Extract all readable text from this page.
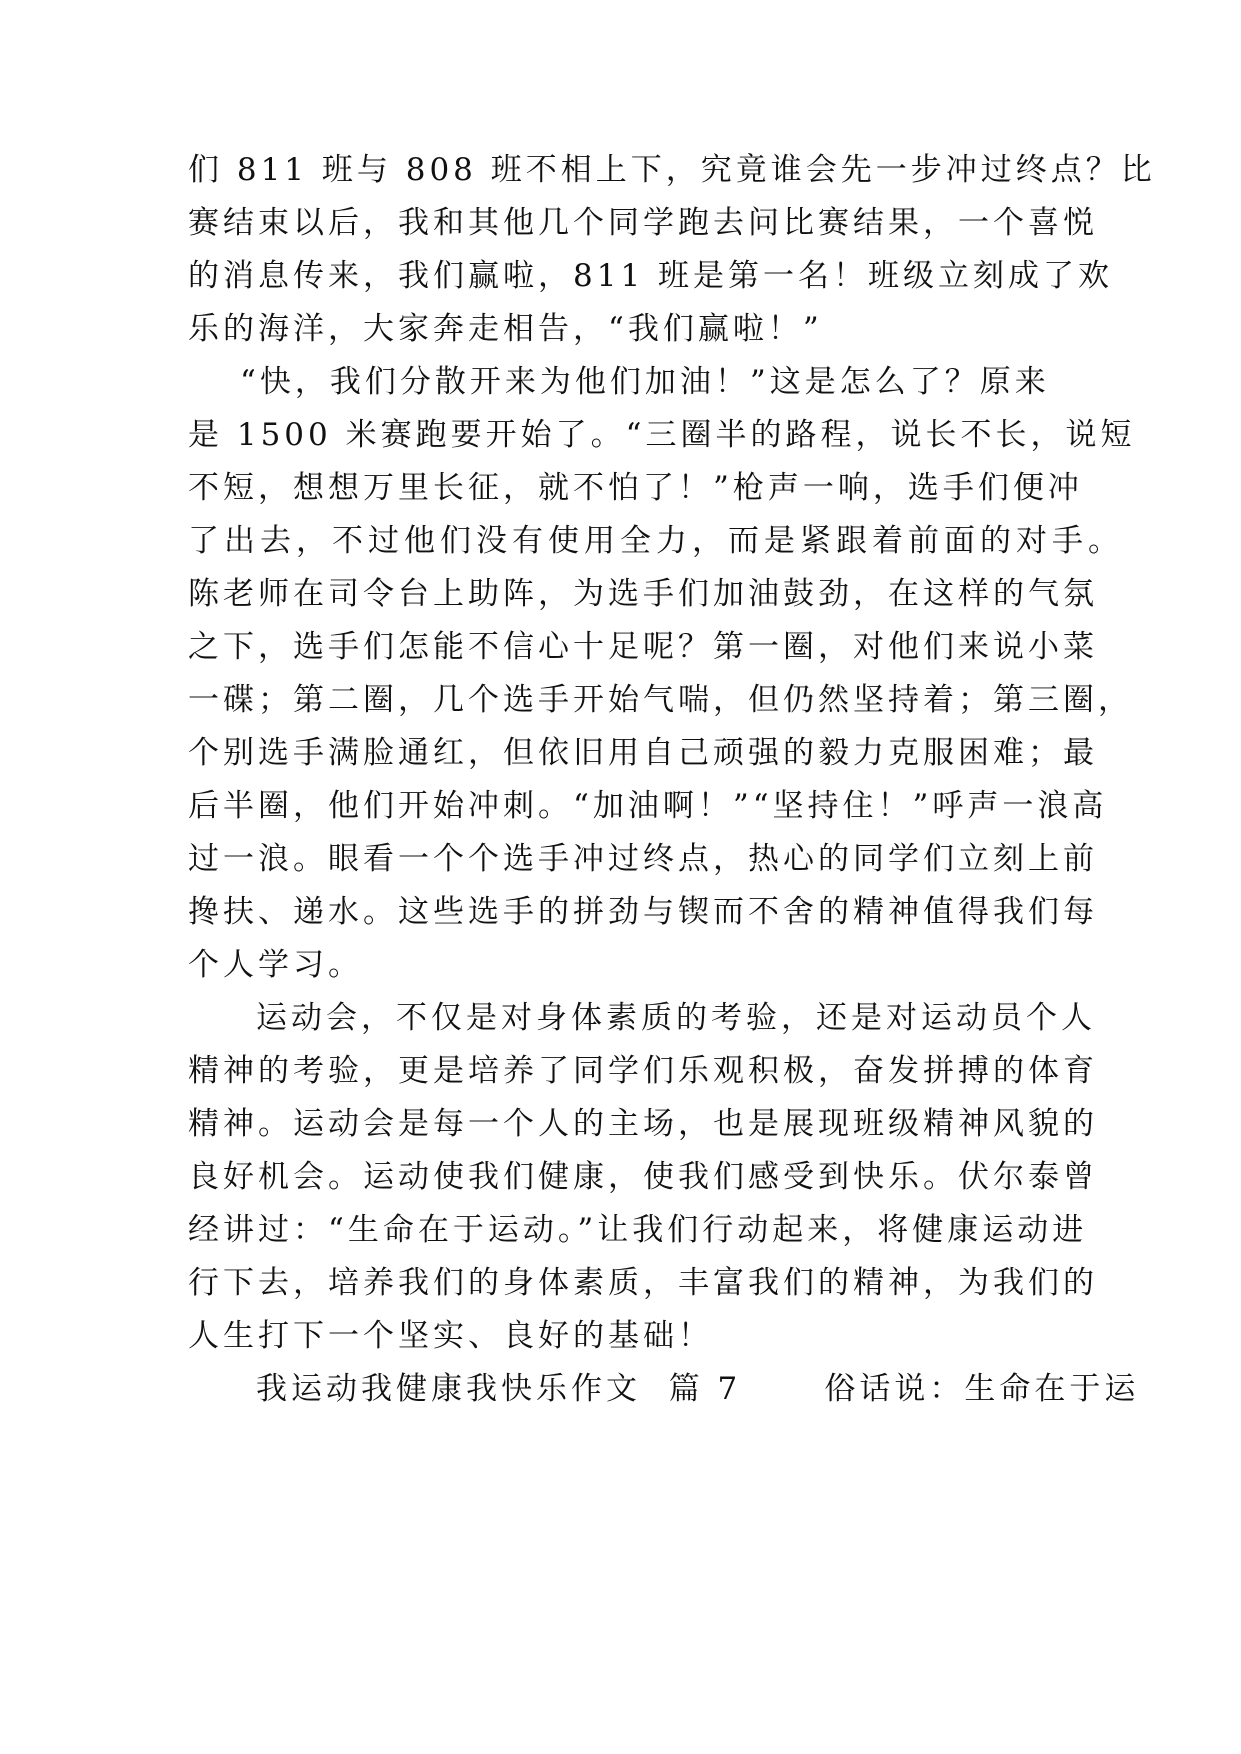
们 811 班与 808 班不相上下，究竟谁会先一步冲过终点？比
赛结束以后，我和其他几个同学跑去问比赛结果，一个喜悦
的消息传来，我们赢啦，811 班是第一名！班级立刻成了欢
乐的海洋，大家奔走相告，“我们赢啦！”
“快，我们分散开来为他们加油！”这是怎么了？原来
是 1500 米赛跑要开始了。“三圈半的路程，说长不长，说短
不短，想想万里长征，就不怕了！”枪声一响，选手们便冲
了出去，不过他们没有使用全力，而是紧跟着前面的对手。
陈老师在司令台上助阵，为选手们加油鼓劲，在这样的气氛
之下，选手们怎能不信心十足呢？第一圈，对他们来说小菜
一碟；第二圈，几个选手开始气喘，但仍然坚持着；第三圈，
个别选手满脸通红，但依旧用自己顽强的毅力克服困难；最
后半圈，他们开始冲刺。“加油啊！”“坚持住！”呼声一浪高
过一浪。眼看一个个选手冲过终点，热心的同学们立刻上前
搀扶、递水。这些选手的拼劲与锲而不舍的精神值得我们每
个人学习。
运动会，不仅是对身体素质的考验，还是对运动员个人
精神的考验，更是培养了同学们乐观积极，奋发拼搏的体育
精神。运动会是每一个人的主场，也是展现班级精神风貌的
良好机会。运动使我们健康，使我们感受到快乐。伏尔泰曾
经讲过：“生命在于运动。”让我们行动起来，将健康运动进
行下去，培养我们的身体素质，丰富我们的精神，为我们的
人生打下一个坚实、良好的基础！
我运动我健康我快乐作文  篇 7      俗话说：生命在于运
